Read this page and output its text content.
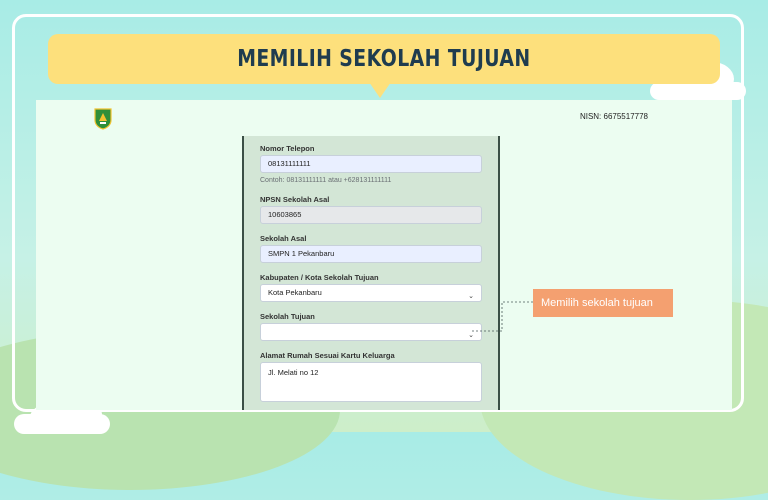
MEMILIH SEKOLAH TUJUAN
NISN: 6675517778
Nomor Telepon
08131111111
Contoh: 08131111111 atau +628131111111
NPSN Sekolah Asal
10603865
Sekolah Asal
SMPN 1 Pekanbaru
Kabupaten / Kota Sekolah Tujuan
Kota Pekanbaru	⌄
Sekolah Tujuan
⌄
Alamat Rumah Sesuai Kartu Keluarga
Jl. Melati no 12
Memilih sekolah tujuan
